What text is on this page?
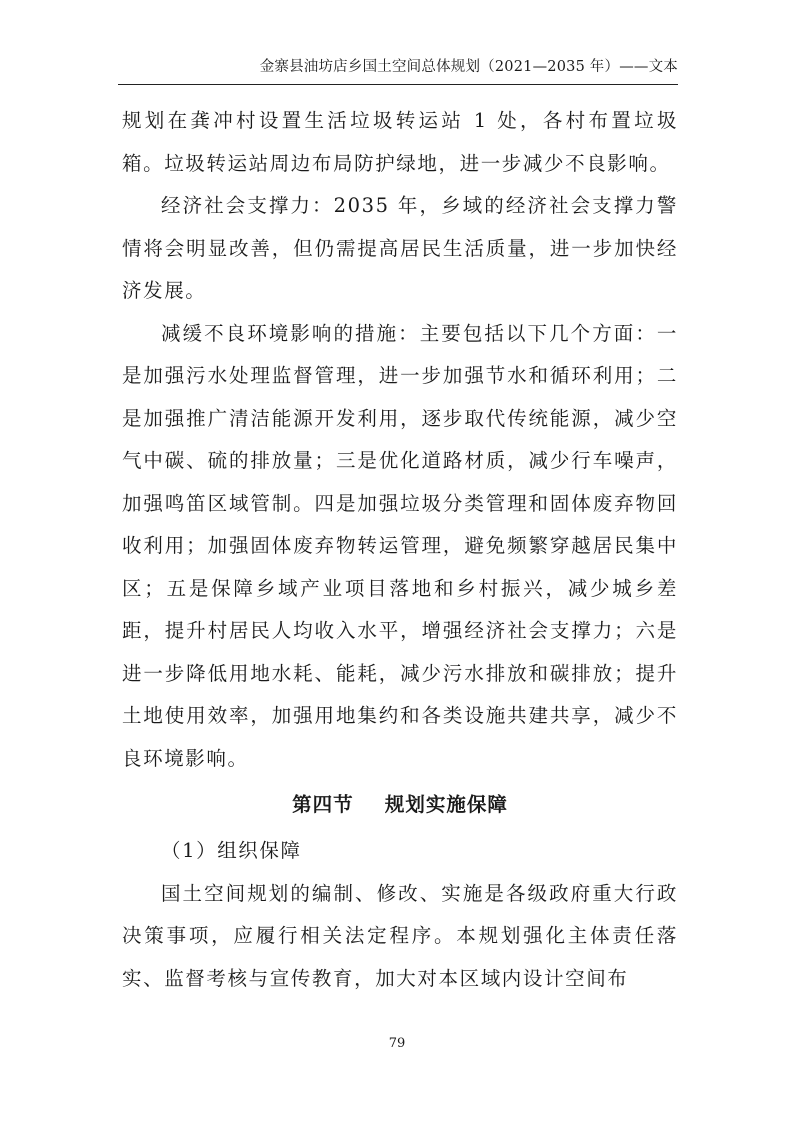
金寨县油坊店乡国土空间总体规划（2021—2035 年）——文本

规划在龚冲村设置生活垃圾转运站 1 处，各村布置垃圾箱。垃圾转运站周边布局防护绿地，进一步减少不良影响。

经济社会支撑力：2035 年，乡域的经济社会支撑力警情将会明显改善，但仍需提高居民生活质量，进一步加快经济发展。

减缓不良环境影响的措施：主要包括以下几个方面：一是加强污水处理监督管理，进一步加强节水和循环利用；二是加强推广清洁能源开发利用，逐步取代传统能源，减少空气中碳、硫的排放量；三是优化道路材质，减少行车噪声，加强鸣笛区域管制。四是加强垃圾分类管理和固体废弃物回收利用；加强固体废弃物转运管理，避免频繁穿越居民集中区；五是保障乡域产业项目落地和乡村振兴，减少城乡差距，提升村居民人均收入水平，增强经济社会支撑力；六是进一步降低用地水耗、能耗，减少污水排放和碳排放；提升土地使用效率，加强用地集约和各类设施共建共享，减少不良环境影响。

第四节    规划实施保障

（1）组织保障

国土空间规划的编制、修改、实施是各级政府重大行政决策事项，应履行相关法定程序。本规划强化主体责任落实、监督考核与宣传教育，加大对本区域内设计空间布

79
